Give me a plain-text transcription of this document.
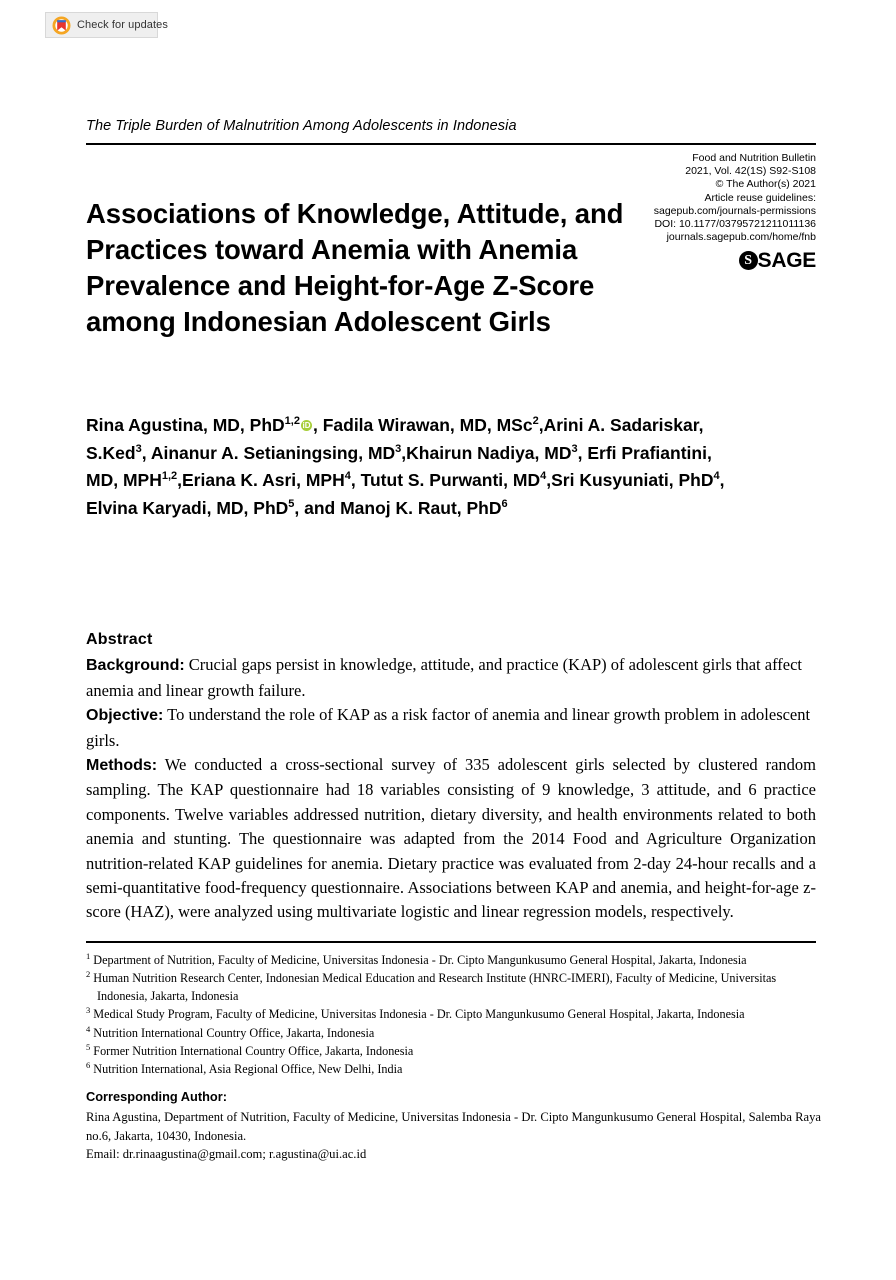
Check for updates
The Triple Burden of Malnutrition Among Adolescents in Indonesia
Food and Nutrition Bulletin
2021, Vol. 42(1S) S92-S108
© The Author(s) 2021
Article reuse guidelines:
sagepub.com/journals-permissions
DOI: 10.1177/03795721211011136
journals.sagepub.com/home/fnb
S SAGE
Associations of Knowledge, Attitude, and Practices toward Anemia with Anemia Prevalence and Height-for-Age Z-Score among Indonesian Adolescent Girls
Rina Agustina, MD, PhD$^{1,2}$ iD , Fadila Wirawan, MD, MSc$^2$,Arini A. Sadariskar, S.Ked$^3$, Ainanur A. Setianingsing, $MD^3,Khairun$ Nadiya, $MD^3$, Erfi Prafiantini, MD, MPH$^{1,2}$,Eriana K. Asri, MPH$^4$, Tutut S. Purwanti, $MD^4,Sri$ Kusyuniati, PhD$^4$, Elvina Karyadi, MD, PhD$^5$, and Manoj K. Raut, PhD$^6$
Abstract

Background: Crucial gaps persist in knowledge, attitude, and practice (KAP) of adolescent girls that affect anemia and linear growth failure.

Objective: To understand the role of KAP as a risk factor of anemia and linear growth problem in adolescent girls.

Methods: We conducted a cross-sectional survey of 335 adolescent girls selected by clustered random sampling. The KAP questionnaire had 18 variables consisting of 9 knowledge, 3 attitude, and 6 practice components. Twelve variables addressed nutrition, dietary diversity, and health environments related to both anemia and stunting. The questionnaire was adapted from the 2014 Food and Agriculture Organization nutrition-related KAP guidelines for anemia. Dietary practice was evaluated from 2-day 24-hour recalls and a semi-quantitative food-frequency questionnaire. Associations between KAP and anemia, and height-for-age z-score (HAZ), were analyzed using multivariate logistic and linear regression models, respectively.

$^1$ Department of Nutrition, Faculty of Medicine, Universitas Indonesia - Dr. Cipto Mangunkusumo General Hospital, Jakarta, Indonesia
$^2$ Human Nutrition Research Center, Indonesian Medical Education and Research Institute (HNRC-IMERI), Faculty of Medicine, Universitas Indonesia, Jakarta, Indonesia
$^3$ Medical Study Program, Faculty of Medicine, Universitas Indonesia - Dr. Cipto Mangunkusumo General Hospital, Jakarta, Indonesia
$^4$ Nutrition International Country Office, Jakarta, Indonesia
$^5$ Former Nutrition International Country Office, Jakarta, Indonesia
$^6$ Nutrition International, Asia Regional Office, New Delhi, India
Corresponding Author:

Rina Agustina, Department of Nutrition, Faculty of Medicine, Universitas Indonesia - Dr. Cipto Mangunkusumo General Hospital, Salemba Raya no.6, Jakarta, 10430, Indonesia.

Email: dr.rinaagustina@gmail.com; r.agustina@ui.ac.id
